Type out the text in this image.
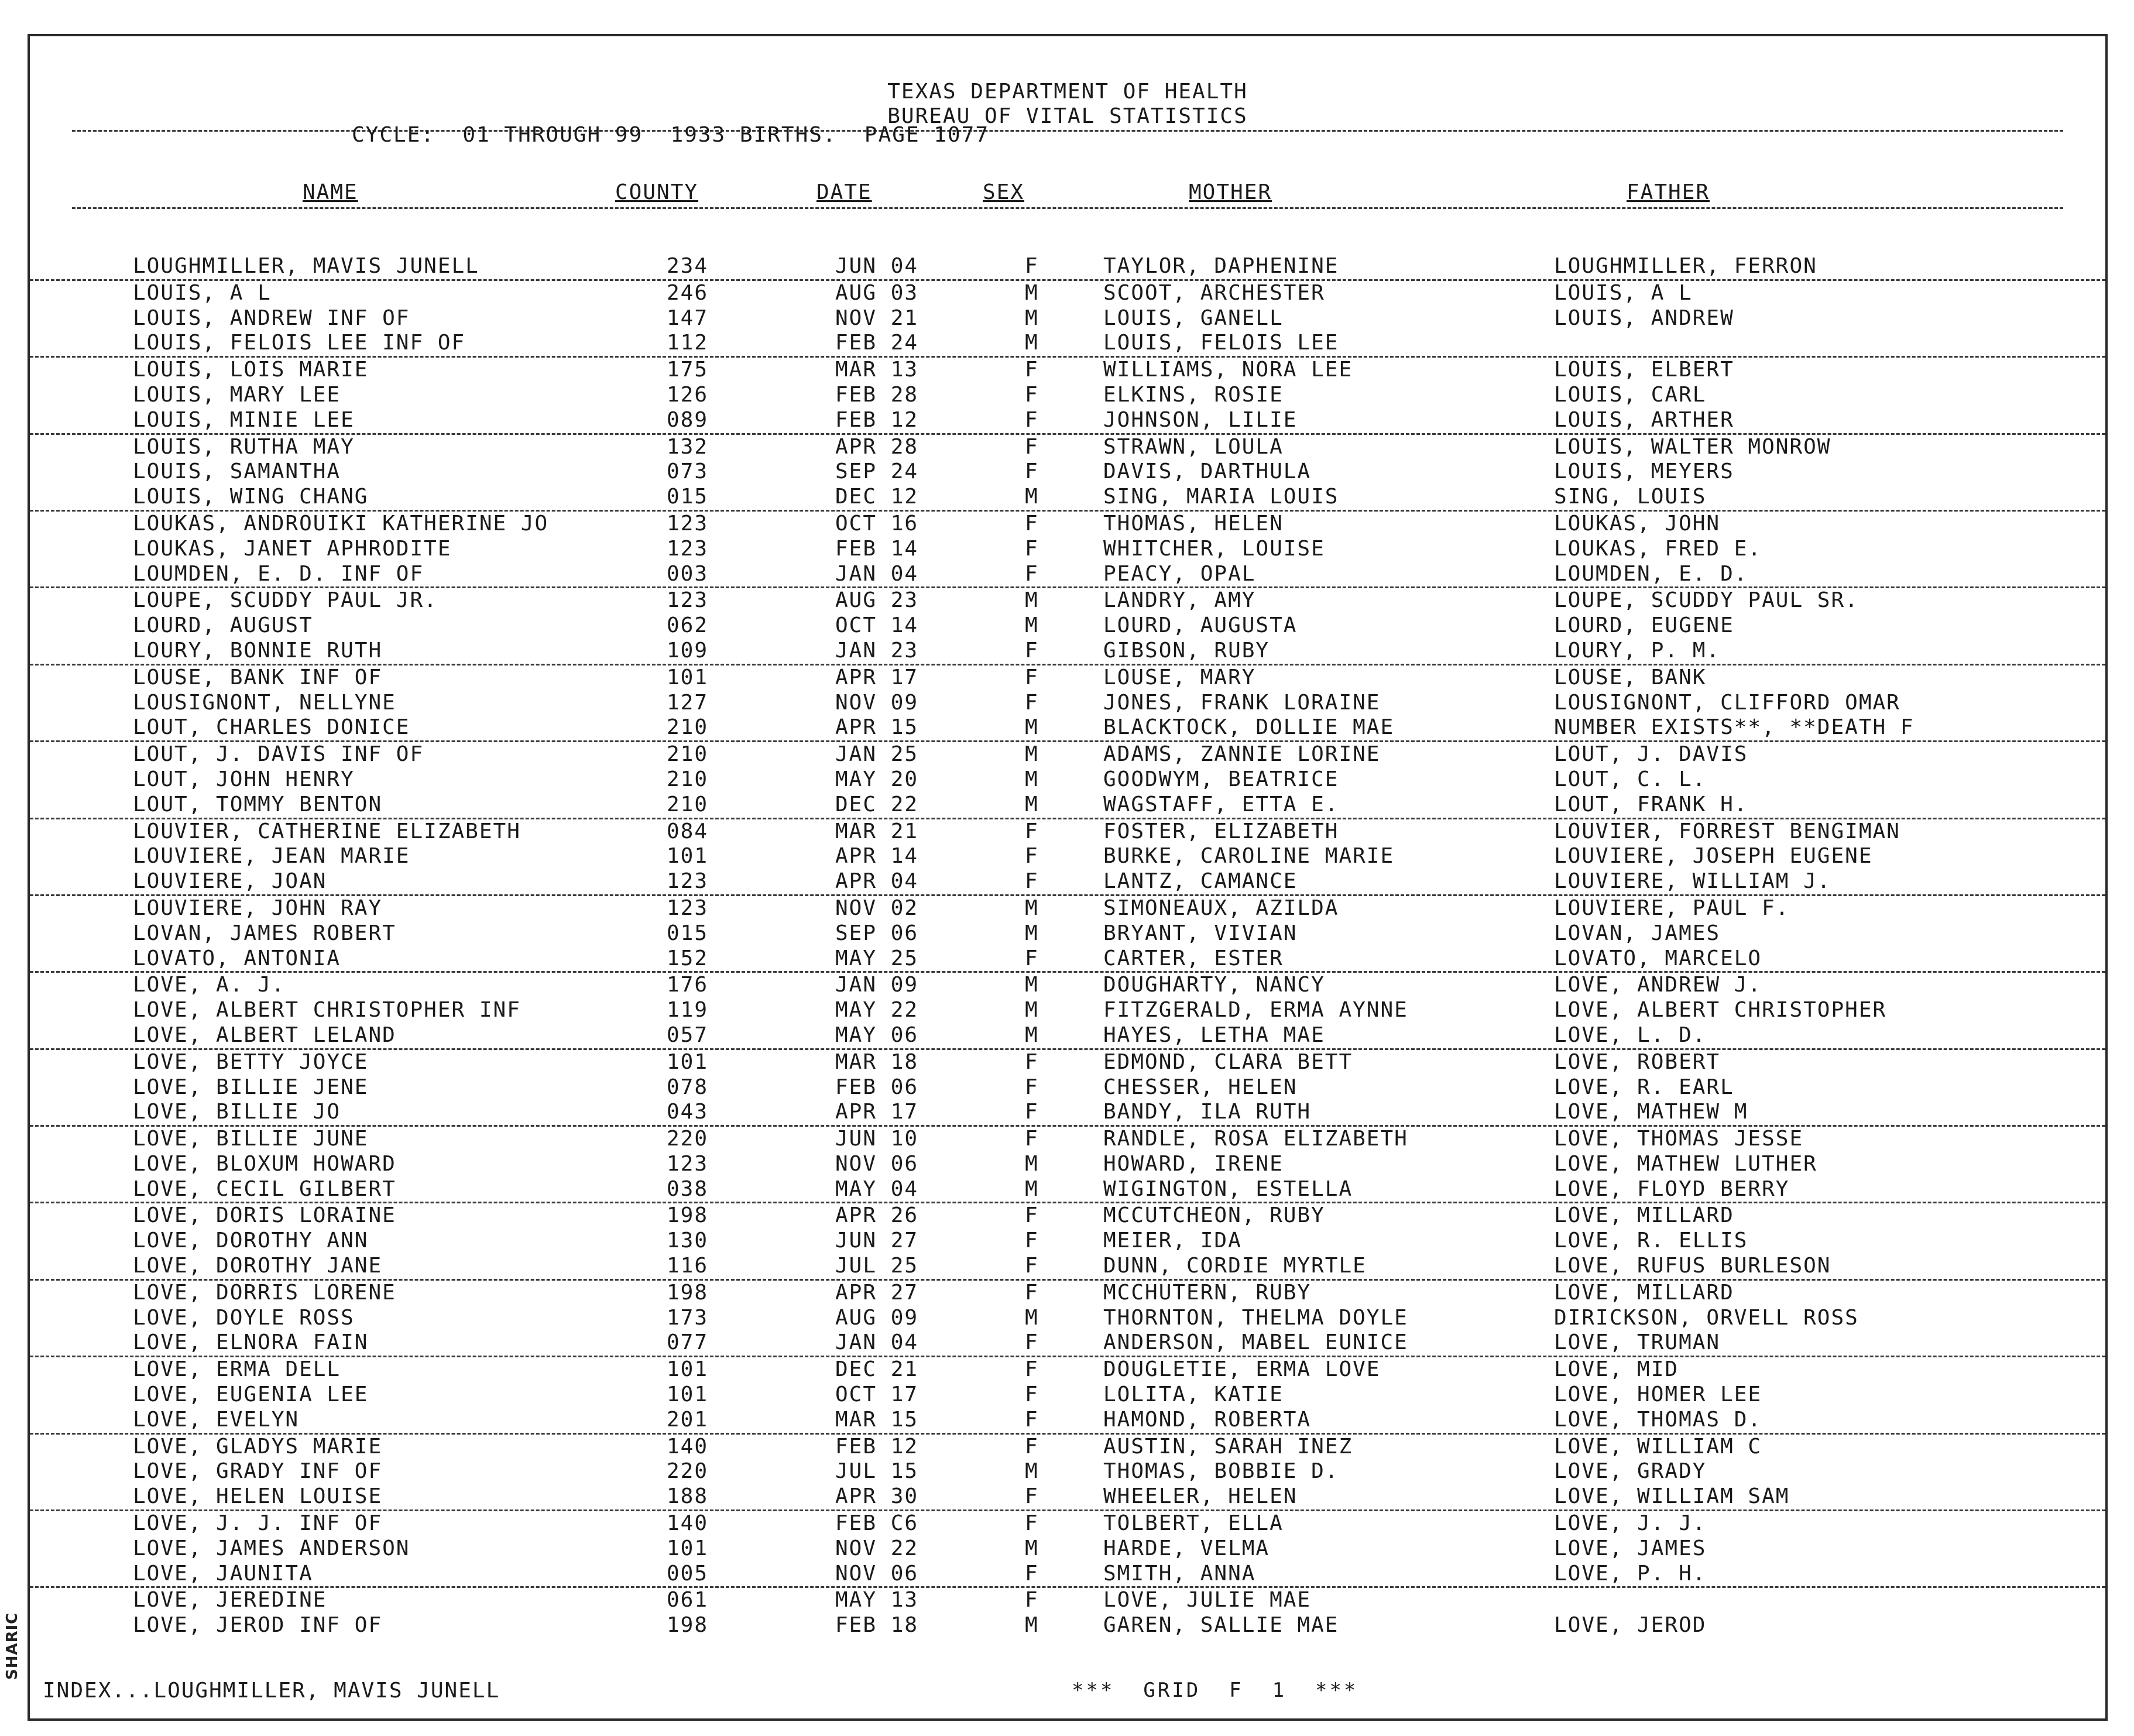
SHARIC
TEXAS DEPARTMENT OF HEALTH
BUREAU OF VITAL STATISTICS
CYCLE:  01 THROUGH 99  1933 BIRTHS.  PAGE 1077
NAME	COUNTY	DATE	SEX	MOTHER	FATHER
LOUGHMILLER, MAVIS JUNELL	234	JUN 04	F	TAYLOR, DAPHENINE	LOUGHMILLER, FERRON
LOUIS, A L	246	AUG 03	M	SCOOT, ARCHESTER	LOUIS, A L
LOUIS, ANDREW INF OF	147	NOV 21	M	LOUIS, GANELL	LOUIS, ANDREW
LOUIS, FELOIS LEE INF OF	112	FEB 24	M	LOUIS, FELOIS LEE
LOUIS, LOIS MARIE	175	MAR 13	F	WILLIAMS, NORA LEE	LOUIS, ELBERT
LOUIS, MARY LEE	126	FEB 28	F	ELKINS, ROSIE	LOUIS, CARL
LOUIS, MINIE LEE	089	FEB 12	F	JOHNSON, LILIE	LOUIS, ARTHER
LOUIS, RUTHA MAY	132	APR 28	F	STRAWN, LOULA	LOUIS, WALTER MONROW
LOUIS, SAMANTHA	073	SEP 24	F	DAVIS, DARTHULA	LOUIS, MEYERS
LOUIS, WING CHANG	015	DEC 12	M	SING, MARIA LOUIS	SING, LOUIS
LOUKAS, ANDROUIKI KATHERINE JO	123	OCT 16	F	THOMAS, HELEN	LOUKAS, JOHN
LOUKAS, JANET APHRODITE	123	FEB 14	F	WHITCHER, LOUISE	LOUKAS, FRED E.
LOUMDEN, E. D. INF OF	003	JAN 04	F	PEACY, OPAL	LOUMDEN, E. D.
LOUPE, SCUDDY PAUL JR.	123	AUG 23	M	LANDRY, AMY	LOUPE, SCUDDY PAUL SR.
LOURD, AUGUST	062	OCT 14	M	LOURD, AUGUSTA	LOURD, EUGENE
LOURY, BONNIE RUTH	109	JAN 23	F	GIBSON, RUBY	LOURY, P. M.
LOUSE, BANK INF OF	101	APR 17	F	LOUSE, MARY	LOUSE, BANK
LOUSIGNONT, NELLYNE	127	NOV 09	F	JONES, FRANK LORAINE	LOUSIGNONT, CLIFFORD OMAR
LOUT, CHARLES DONICE	210	APR 15	M	BLACKTOCK, DOLLIE MAE	NUMBER EXISTS**, **DEATH F
LOUT, J. DAVIS INF OF	210	JAN 25	M	ADAMS, ZANNIE LORINE	LOUT, J. DAVIS
LOUT, JOHN HENRY	210	MAY 20	M	GOODWYM, BEATRICE	LOUT, C. L.
LOUT, TOMMY BENTON	210	DEC 22	M	WAGSTAFF, ETTA E.	LOUT, FRANK H.
LOUVIER, CATHERINE ELIZABETH	084	MAR 21	F	FOSTER, ELIZABETH	LOUVIER, FORREST BENGIMAN
LOUVIERE, JEAN MARIE	101	APR 14	F	BURKE, CAROLINE MARIE	LOUVIERE, JOSEPH EUGENE
LOUVIERE, JOAN	123	APR 04	F	LANTZ, CAMANCE	LOUVIERE, WILLIAM J.
LOUVIERE, JOHN RAY	123	NOV 02	M	SIMONEAUX, AZILDA	LOUVIERE, PAUL F.
LOVAN, JAMES ROBERT	015	SEP 06	M	BRYANT, VIVIAN	LOVAN, JAMES
LOVATO, ANTONIA	152	MAY 25	F	CARTER, ESTER	LOVATO, MARCELO
LOVE, A. J.	176	JAN 09	M	DOUGHARTY, NANCY	LOVE, ANDREW J.
LOVE, ALBERT CHRISTOPHER INF	119	MAY 22	M	FITZGERALD, ERMA AYNNE	LOVE, ALBERT CHRISTOPHER
LOVE, ALBERT LELAND	057	MAY 06	M	HAYES, LETHA MAE	LOVE, L. D.
LOVE, BETTY JOYCE	101	MAR 18	F	EDMOND, CLARA BETT	LOVE, ROBERT
LOVE, BILLIE JENE	078	FEB 06	F	CHESSER, HELEN	LOVE, R. EARL
LOVE, BILLIE JO	043	APR 17	F	BANDY, ILA RUTH	LOVE, MATHEW M
LOVE, BILLIE JUNE	220	JUN 10	F	RANDLE, ROSA ELIZABETH	LOVE, THOMAS JESSE
LOVE, BLOXUM HOWARD	123	NOV 06	M	HOWARD, IRENE	LOVE, MATHEW LUTHER
LOVE, CECIL GILBERT	038	MAY 04	M	WIGINGTON, ESTELLA	LOVE, FLOYD BERRY
LOVE, DORIS LORAINE	198	APR 26	F	MCCUTCHEON, RUBY	LOVE, MILLARD
LOVE, DOROTHY ANN	130	JUN 27	F	MEIER, IDA	LOVE, R. ELLIS
LOVE, DOROTHY JANE	116	JUL 25	F	DUNN, CORDIE MYRTLE	LOVE, RUFUS BURLESON
LOVE, DORRIS LORENE	198	APR 27	F	MCCHUTERN, RUBY	LOVE, MILLARD
LOVE, DOYLE ROSS	173	AUG 09	M	THORNTON, THELMA DOYLE	DIRICKSON, ORVELL ROSS
LOVE, ELNORA FAIN	077	JAN 04	F	ANDERSON, MABEL EUNICE	LOVE, TRUMAN
LOVE, ERMA DELL	101	DEC 21	F	DOUGLETIE, ERMA LOVE	LOVE, MID
LOVE, EUGENIA LEE	101	OCT 17	F	LOLITA, KATIE	LOVE, HOMER LEE
LOVE, EVELYN	201	MAR 15	F	HAMOND, ROBERTA	LOVE, THOMAS D.
LOVE, GLADYS MARIE	140	FEB 12	F	AUSTIN, SARAH INEZ	LOVE, WILLIAM C
LOVE, GRADY INF OF	220	JUL 15	M	THOMAS, BOBBIE D.	LOVE, GRADY
LOVE, HELEN LOUISE	188	APR 30	F	WHEELER, HELEN	LOVE, WILLIAM SAM
LOVE, J. J. INF OF	140	FEB C6	F	TOLBERT, ELLA	LOVE, J. J.
LOVE, JAMES ANDERSON	101	NOV 22	M	HARDE, VELMA	LOVE, JAMES
LOVE, JAUNITA	005	NOV 06	F	SMITH, ANNA	LOVE, P. H.
LOVE, JEREDINE	061	MAY 13	F	LOVE, JULIE MAE
LOVE, JEROD INF OF	198	FEB 18	M	GAREN, SALLIE MAE	LOVE, JEROD
INDEX...LOUGHMILLER, MAVIS JUNELL	***  GRID  F  1  ***
